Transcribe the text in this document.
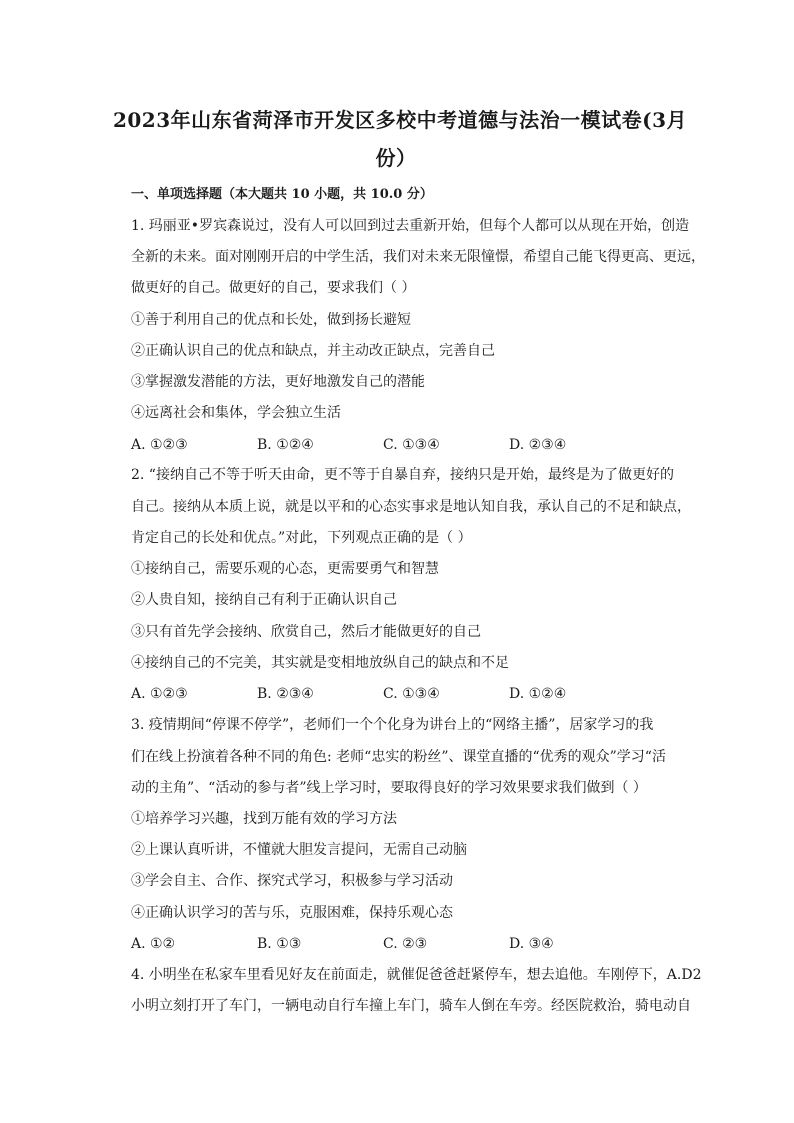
2023年山东省菏泽市开发区多校中考道德与法治一模试卷(3月
份）
一、单项选择题（本大题共 10 小题，共 10.0 分）
1. 玛丽亚•罗宾森说过，没有人可以回到过去重新开始，但每个人都可以从现在开始，创造
全新的未来。面对刚刚开启的中学生活，我们对未来无限憧憬，希望自己能飞得更高、更远，
做更好的自己。做更好的自己，要求我们（ ）
①善于利用自己的优点和长处，做到扬长避短
②正确认识自己的优点和缺点，并主动改正缺点，完善自己
③掌握激发潜能的方法，更好地激发自己的潜能
④远离社会和集体，学会独立生活
A. ①②③	B. ①②④	C. ①③④	D. ②③④
2. “接纳自己不等于听天由命，更不等于自暴自弃，接纳只是开始，最终是为了做更好的
自己。接纳从本质上说，就是以平和的心态实事求是地认知自我，承认自己的不足和缺点，
肯定自己的长处和优点。”对此，下列观点正确的是（ ）
①接纳自己，需要乐观的心态，更需要勇气和智慧
②人贵自知，接纳自己有利于正确认识自己
③只有首先学会接纳、欣赏自己，然后才能做更好的自己
④接纳自己的不完美，其实就是变相地放纵自己的缺点和不足
A. ①②③	B. ②③④	C. ①③④	D. ①②④
3. 疫情期间“停课不停学”，老师们一个个化身为讲台上的“网络主播”，居家学习的我
们在线上扮演着各种不同的角色: 老师“忠实的粉丝”、课堂直播的“优秀的观众”学习“活
动的主角”、“活动的参与者”线上学习时，要取得良好的学习效果要求我们做到（ ）
①培养学习兴趣，找到万能有效的学习方法
②上课认真听讲，不懂就大胆发言提问，无需自己动脑
③学会自主、合作、探究式学习，积极参与学习活动
④正确认识学习的苦与乐，克服困难，保持乐观心态
A. ①②	B. ①③	C. ②③	D. ③④
4. 小明坐在私家车里看见好友在前面走，就催促爸爸赶紧停车，想去追他。车刚停下，A.D2
小明立刻打开了车门，一辆电动自行车撞上车门，骑车人倒在车旁。经医院救治，骑电动自
